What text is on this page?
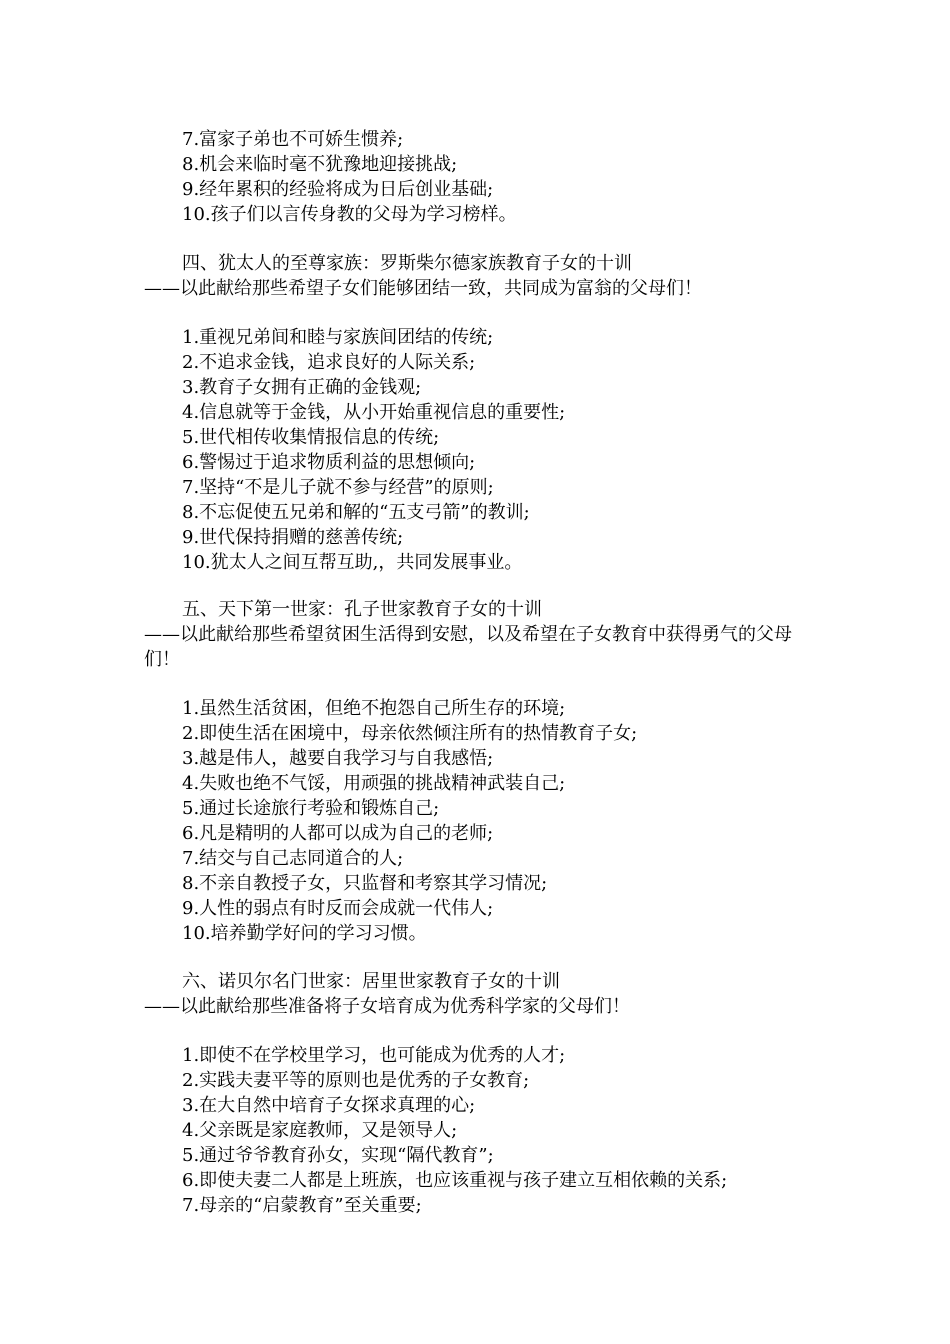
7.富家子弟也不可娇生惯养;
8.机会来临时毫不犹豫地迎接挑战;
9.经年累积的经验将成为日后创业基础;
10.孩子们以言传身教的父母为学习榜样。
四、犹太人的至尊家族：罗斯柴尔德家族教育子女的十训
——以此献给那些希望子女们能够团结一致，共同成为富翁的父母们！
1.重视兄弟间和睦与家族间团结的传统;
2.不追求金钱，追求良好的人际关系;
3.教育子女拥有正确的金钱观;
4.信息就等于金钱，从小开始重视信息的重要性;
5.世代相传收集情报信息的传统;
6.警惕过于追求物质利益的思想倾向;
7.坚持“不是儿子就不参与经营”的原则;
8.不忘促使五兄弟和解的“五支弓箭”的教训;
9.世代保持捐赠的慈善传统;
10.犹太人之间互帮互助,，共同发展事业。
五、天下第一世家：孔子世家教育子女的十训
——以此献给那些希望贫困生活得到安慰，以及希望在子女教育中获得勇气的父母们！
1.虽然生活贫困，但绝不抱怨自己所生存的环境;
2.即使生活在困境中，母亲依然倾注所有的热情教育子女;
3.越是伟人，越要自我学习与自我感悟;
4.失败也绝不气馁，用顽强的挑战精神武装自己;
5.通过长途旅行考验和锻炼自己;
6.凡是精明的人都可以成为自己的老师;
7.结交与自己志同道合的人;
8.不亲自教授子女，只监督和考察其学习情况;
9.人性的弱点有时反而会成就一代伟人;
10.培养勤学好问的学习习惯。
六、诺贝尔名门世家：居里世家教育子女的十训
——以此献给那些准备将子女培育成为优秀科学家的父母们！
1.即使不在学校里学习，也可能成为优秀的人才;
2.实践夫妻平等的原则也是优秀的子女教育;
3.在大自然中培育子女探求真理的心;
4.父亲既是家庭教师，又是领导人;
5.通过爷爷教育孙女，实现“隔代教育”;
6.即使夫妻二人都是上班族，也应该重视与孩子建立互相依赖的关系;
7.母亲的“启蒙教育”至关重要;
